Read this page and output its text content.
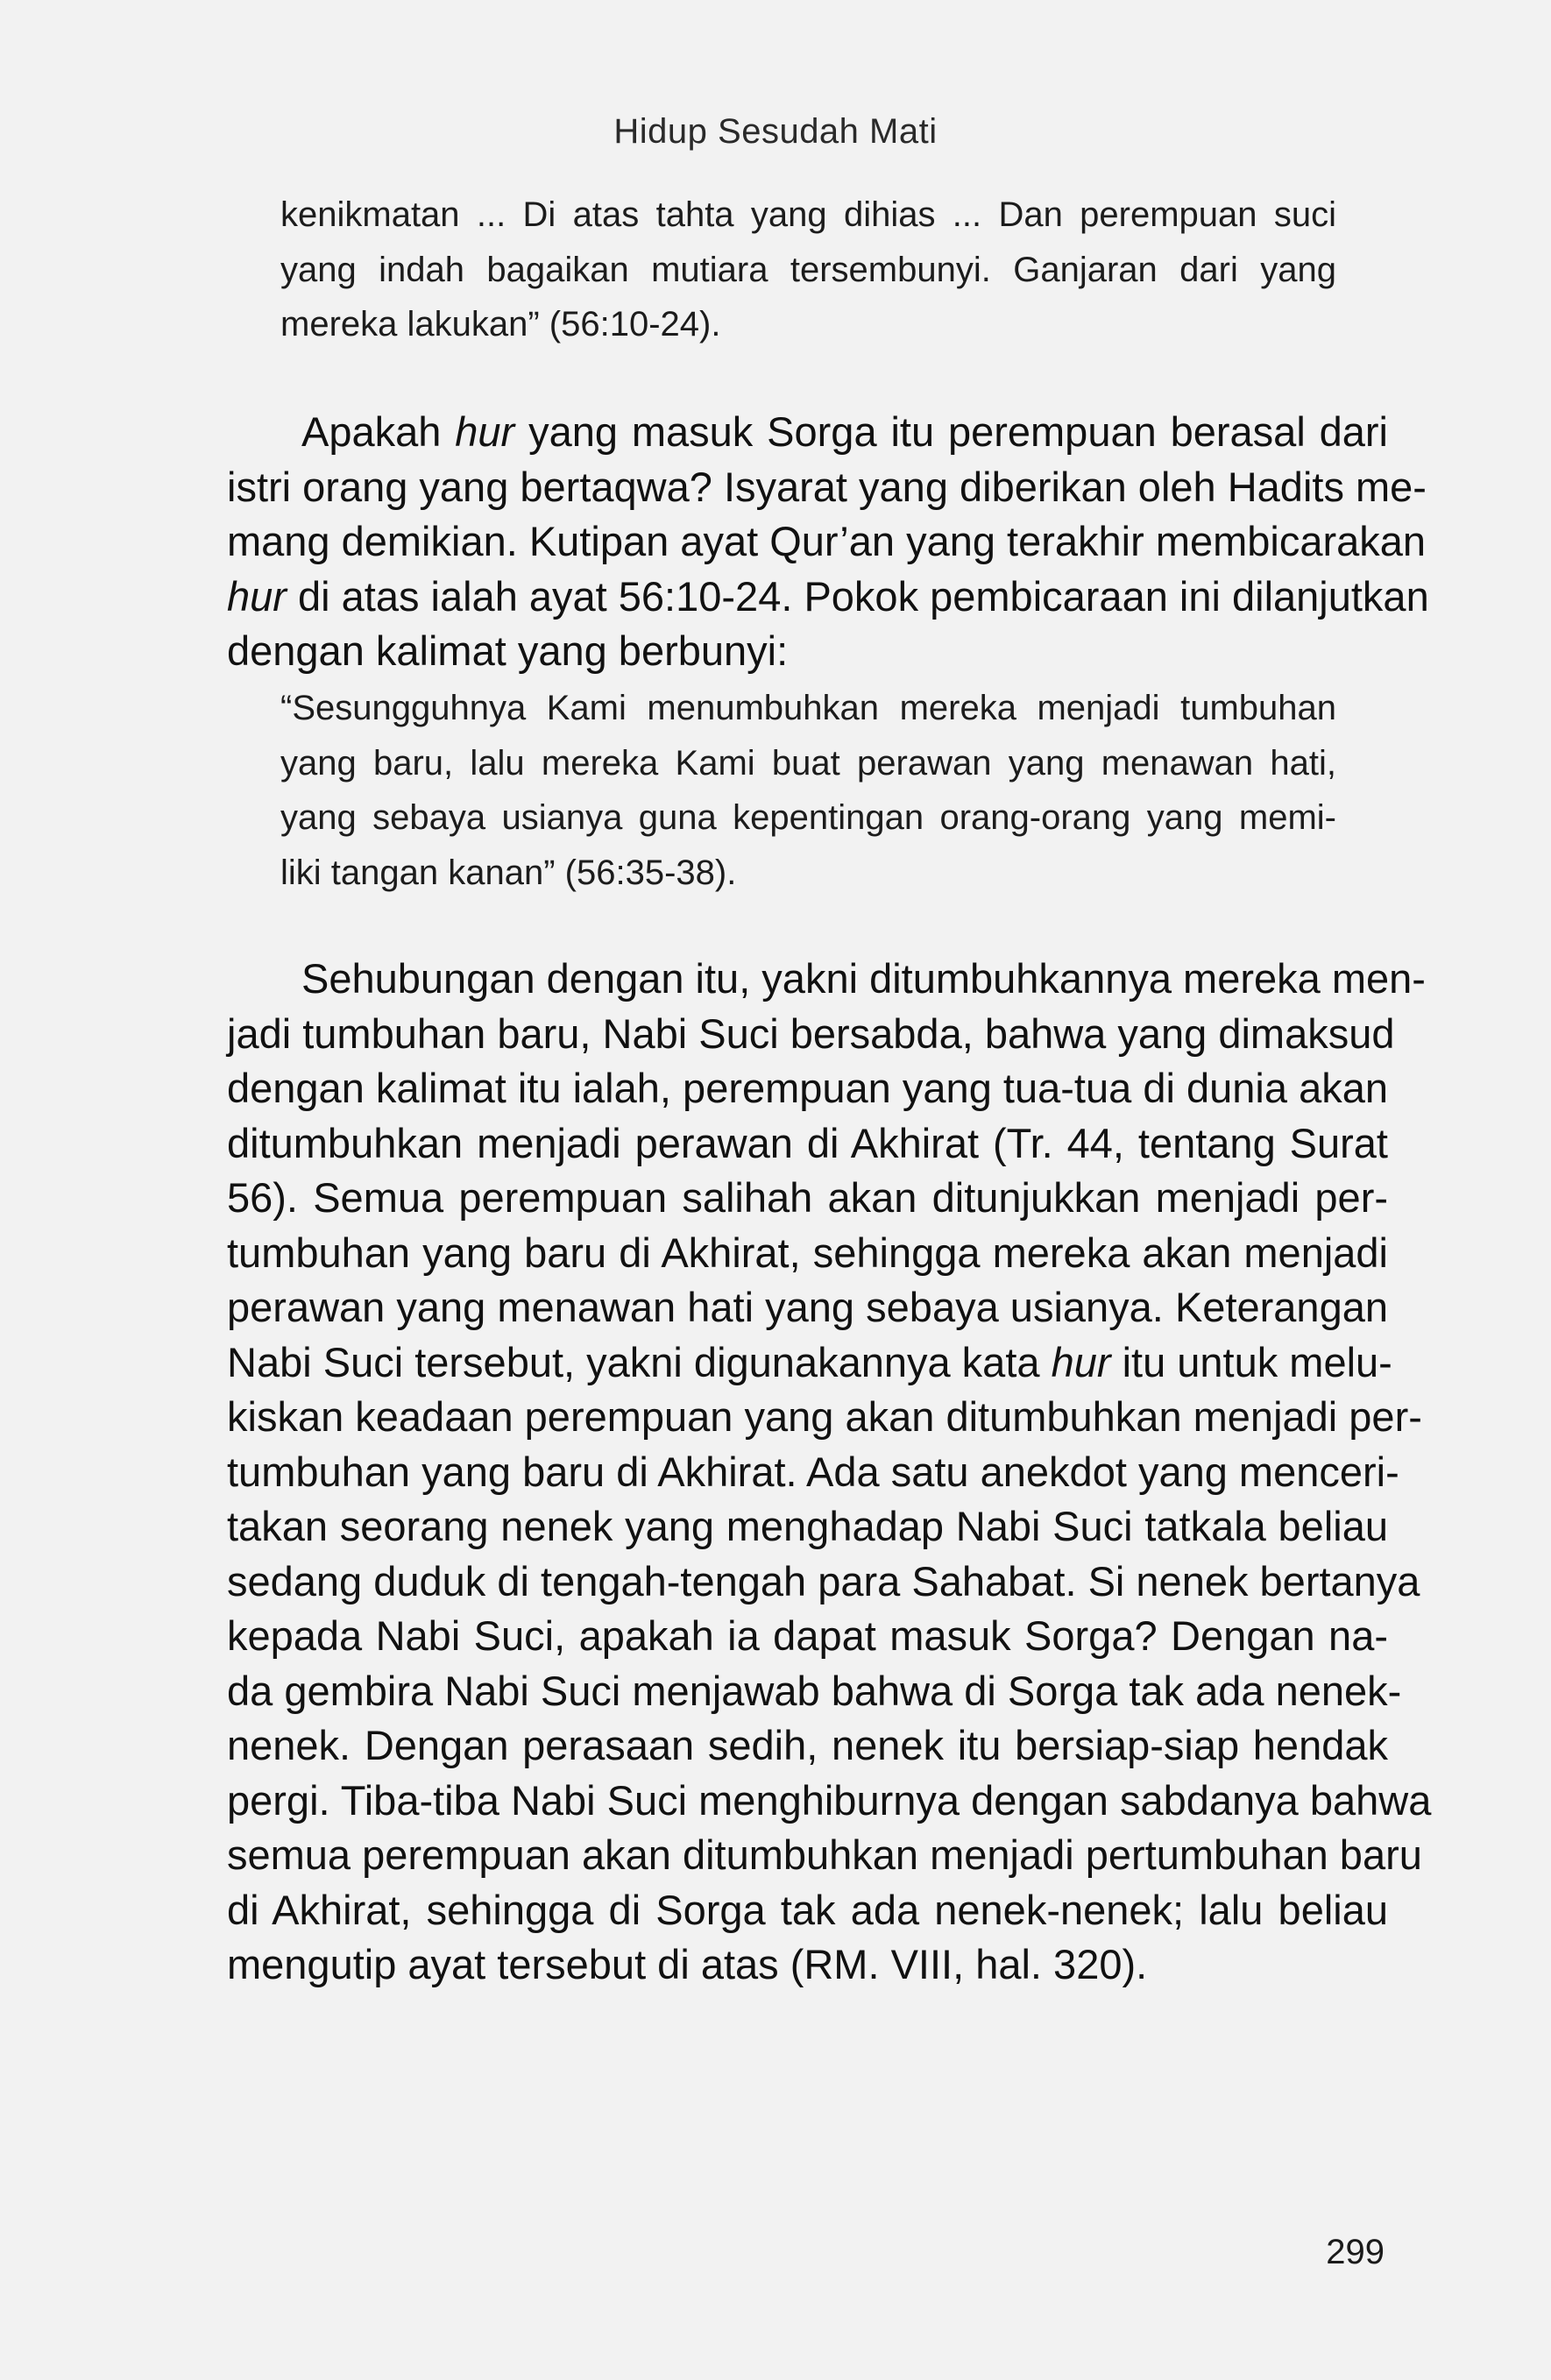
Hidup Sesudah Mati
kenikmatan ... Di atas tahta yang dihias ... Dan perempuan suci
yang indah bagaikan mutiara tersembunyi. Ganjaran dari yang
mereka lakukan” (56:10-24).
Apakah hur yang masuk Sorga itu perempuan berasal dari
istri orang yang bertaqwa? Isyarat yang diberikan oleh Hadits me-
mang demikian. Kutipan ayat Qur’an yang terakhir membicarakan
hur di atas ialah ayat 56:10-24. Pokok pembicaraan ini dilanjutkan
dengan kalimat yang berbunyi:
“Sesungguhnya Kami menumbuhkan mereka menjadi tumbuhan
yang baru, lalu mereka Kami buat perawan yang menawan hati,
yang sebaya usianya guna kepentingan orang-orang yang memi-
liki tangan kanan” (56:35-38).
Sehubungan dengan itu, yakni ditumbuhkannya mereka men-
jadi tumbuhan baru, Nabi Suci bersabda, bahwa yang dimaksud
dengan kalimat itu ialah, perempuan yang tua-tua di dunia akan
ditumbuhkan menjadi perawan di Akhirat (Tr. 44, tentang Surat
56). Semua perempuan salihah akan ditunjukkan menjadi per-
tumbuhan yang baru di Akhirat, sehingga mereka akan menjadi
perawan yang menawan hati yang sebaya usianya. Keterangan
Nabi Suci tersebut, yakni digunakannya kata hur itu untuk melu-
kiskan keadaan perempuan yang akan ditumbuhkan menjadi per-
tumbuhan yang baru di Akhirat. Ada satu anekdot yang menceri-
takan seorang nenek yang menghadap Nabi Suci tatkala beliau
sedang duduk di tengah-tengah para Sahabat. Si nenek bertanya
kepada Nabi Suci, apakah ia dapat masuk Sorga? Dengan na-
da gembira Nabi Suci menjawab bahwa di Sorga tak ada nenek-
nenek. Dengan perasaan sedih, nenek itu bersiap-siap hendak
pergi. Tiba-tiba Nabi Suci menghiburnya dengan sabdanya bahwa
semua perempuan akan ditumbuhkan menjadi pertumbuhan baru
di Akhirat, sehingga di Sorga tak ada nenek-nenek; lalu beliau
mengutip ayat tersebut di atas (RM. VIII, hal. 320).
299
